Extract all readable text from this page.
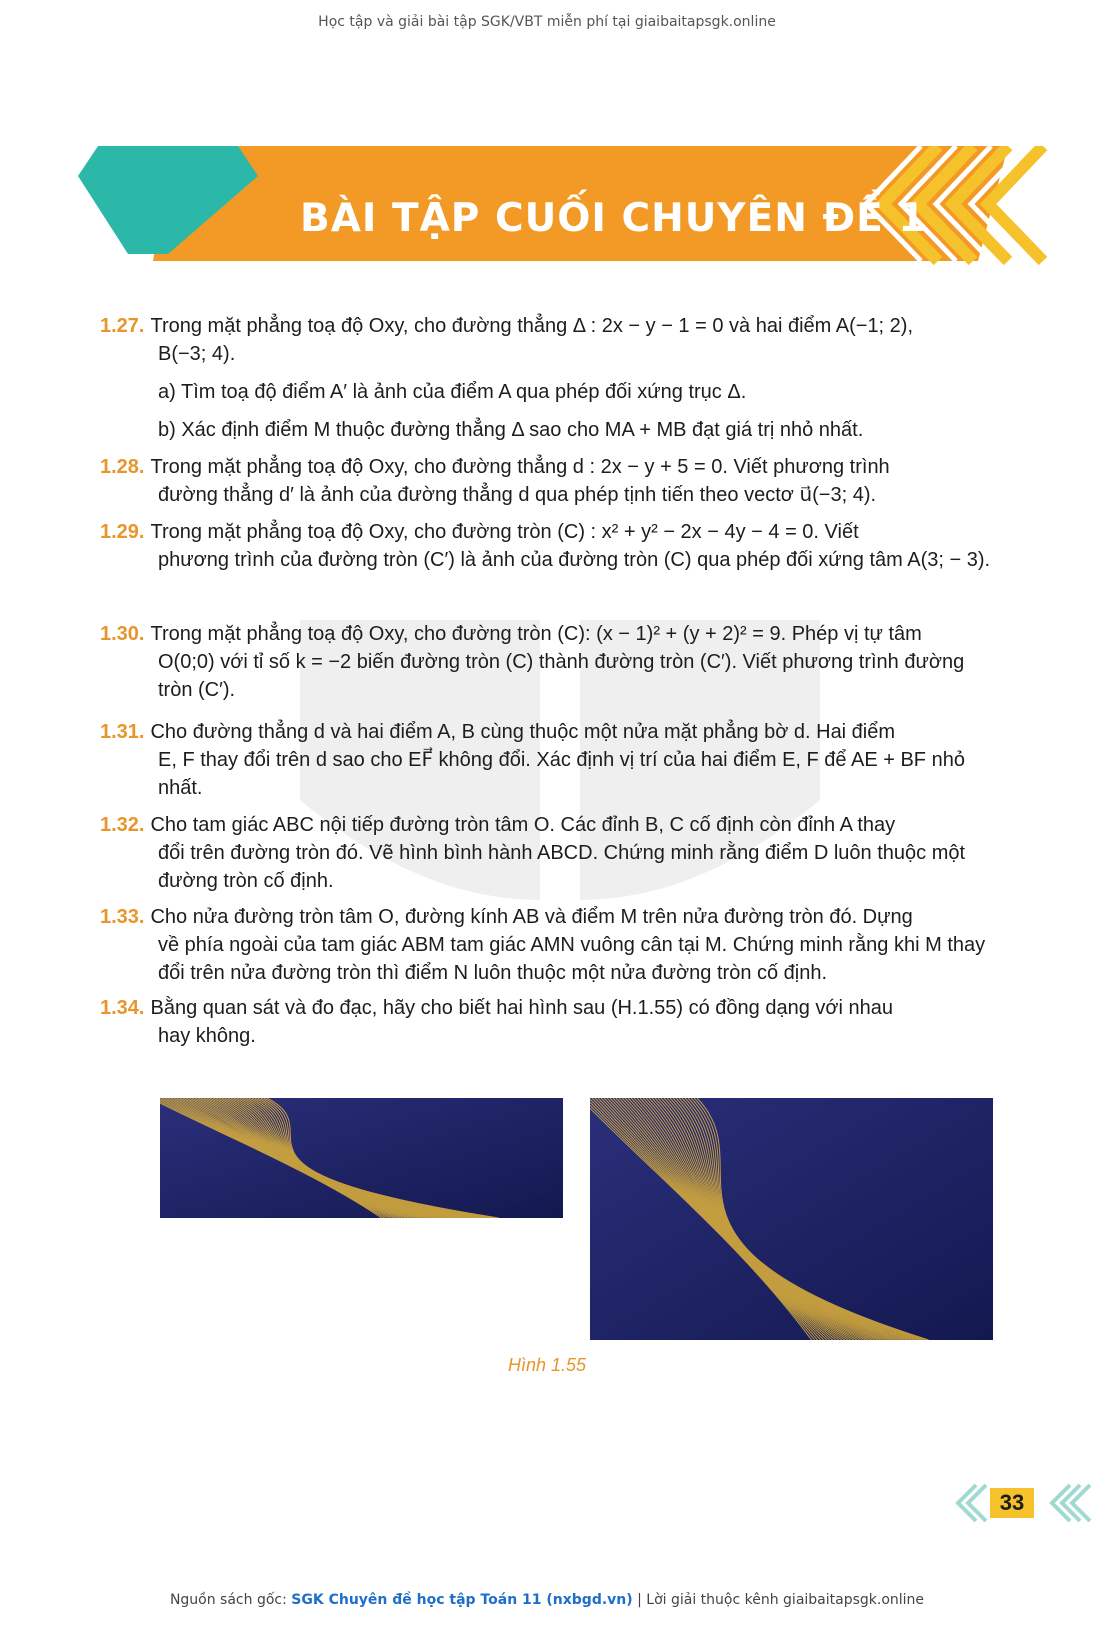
Học tập và giải bài tập SGK/VBT miễn phí tại giaibaitapsgk.online
BÀI TẬP CUỐI CHUYÊN ĐỀ 1
1.27. Trong mặt phẳng toạ độ Oxy, cho đường thẳng Δ : 2x − y − 1 = 0 và hai điểm A(−1; 2),
B(−3; 4).
a) Tìm toạ độ điểm A′ là ảnh của điểm A qua phép đối xứng trục Δ.
b) Xác định điểm M thuộc đường thẳng Δ sao cho MA + MB đạt giá trị nhỏ nhất.
1.28. Trong mặt phẳng toạ độ Oxy, cho đường thẳng d : 2x − y + 5 = 0. Viết phương trình
đường thẳng d′ là ảnh của đường thẳng d qua phép tịnh tiến theo vectơ u⃗(−3; 4).
1.29. Trong mặt phẳng toạ độ Oxy, cho đường tròn (C) : x² + y² − 2x − 4y − 4 = 0. Viết
phương trình của đường tròn (C′) là ảnh của đường tròn (C) qua phép đối xứng tâm A(3; − 3).
1.30. Trong mặt phẳng toạ độ Oxy, cho đường tròn (C): (x − 1)² + (y + 2)² = 9. Phép vị tự tâm
O(0;0) với tỉ số k = −2 biến đường tròn (C) thành đường tròn (C′). Viết phương trình đường tròn (C′).
1.31. Cho đường thẳng d và hai điểm A, B cùng thuộc một nửa mặt phẳng bờ d. Hai điểm
E, F thay đổi trên d sao cho EF⃗ không đổi. Xác định vị trí của hai điểm E, F để AE + BF nhỏ nhất.
1.32. Cho tam giác ABC nội tiếp đường tròn tâm O. Các đỉnh B, C cố định còn đỉnh A thay
đổi trên đường tròn đó. Vẽ hình bình hành ABCD. Chứng minh rằng điểm D luôn thuộc một đường tròn cố định.
1.33. Cho nửa đường tròn tâm O, đường kính AB và điểm M trên nửa đường tròn đó. Dựng
về phía ngoài của tam giác ABM tam giác AMN vuông cân tại M. Chứng minh rằng khi M thay đổi trên nửa đường tròn thì điểm N luôn thuộc một nửa đường tròn cố định.
1.34. Bằng quan sát và đo đạc, hãy cho biết hai hình sau (H.1.55) có đồng dạng với nhau
hay không.
Hình 1.55
33
Nguồn sách gốc: SGK Chuyên đề học tập Toán 11 (nxbgd.vn) | Lời giải thuộc kênh giaibaitapsgk.online
